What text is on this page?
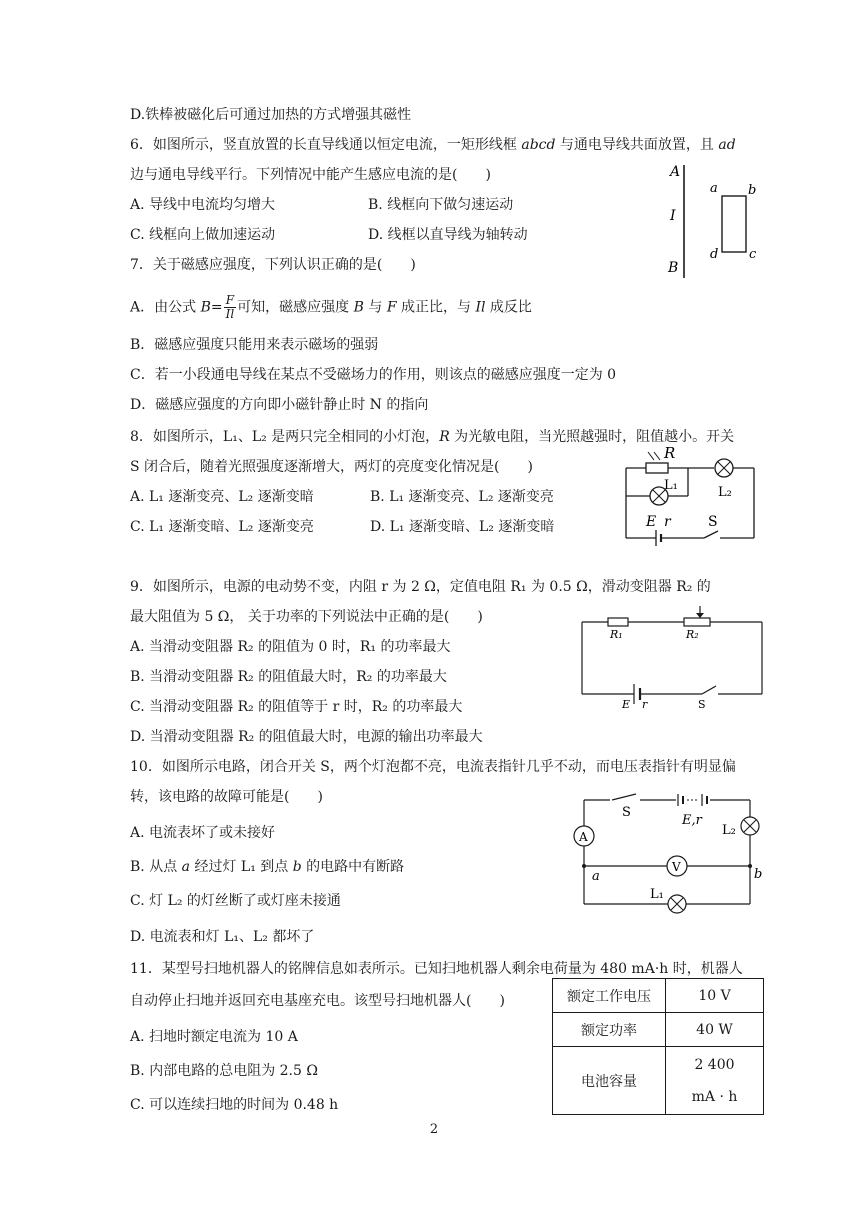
D.铁棒被磁化后可通过加热的方式增强其磁性
6．如图所示，竖直放置的长直导线通以恒定电流，一矩形线框 abcd 与通电导线共面放置，且 ad
边与通电导线平行。下列情况中能产生感应电流的是(　　)
A. 导线中电流均匀增大	B. 线框向下做匀速运动
C. 线框向上做加速运动	D. 线框以直导线为轴转动
A
I
B
a b
d c
7．关于磁感应强度，下列认识正确的是(　　)
A．由公式 $B= \frac{F}{Il}$ 可知，磁感应强度 B 与 F 成正比，与 Il 成反比
B．磁感应强度只能用来表示磁场的强弱
C．若一小段通电导线在某点不受磁场力的作用，则该点的磁感应强度一定为 0
D．磁感应强度的方向即小磁针静止时 N 的指向
8．如图所示，L₁、L₂ 是两只完全相同的小灯泡，R 为光敏电阻，当光照越强时，阻值越小。开关
S 闭合后，随着光照强度逐渐增大，两灯的亮度变化情况是(　　)
A. L₁ 逐渐变亮、L₂ 逐渐变暗	B. L₁ 逐渐变亮、L₂ 逐渐变亮
C. L₁ 逐渐变暗、L₂ 逐渐变亮	D. L₁ 逐渐变暗、L₂ 逐渐变暗
R
L₂
L₁
E r	S
9．如图所示，电源的电动势不变，内阻 r 为 2 Ω，定值电阻 R₁ 为 0.5 Ω，滑动变阻器 R₂ 的
最大阻值为 5 Ω， 关于功率的下列说法中正确的是(　　)
A. 当滑动变阻器 R₂ 的阻值为 0 时，R₁ 的功率最大
B. 当滑动变阻器 R₂ 的阻值最大时，R₂ 的功率最大
C. 当滑动变阻器 R₂ 的阻值等于 r 时，R₂ 的功率最大
D. 当滑动变阻器 R₂ 的阻值最大时，电源的输出功率最大
R₁	R₂
E r	S
10．如图所示电路，闭合开关 S，两个灯泡都不亮，电流表指针几乎不动，而电压表指针有明显偏
转，该电路的故障可能是(　　)
A. 电流表坏了或未接好
B. 从点 a 经过灯 L₁ 到点 b 的电路中有断路
C. 灯 L₂ 的灯丝断了或灯座未接通
D. 电流表和灯 L₁、L₂ 都坏了
S
E,r
A	L₂
V
a	b
L₁
11．某型号扫地机器人的铭牌信息如表所示。已知扫地机器人剩余电荷量为 480 mA·h 时，机器人
自动停止扫地并返回充电基座充电。该型号扫地机器人(　　)
A. 扫地时额定电流为 10 A
B. 内部电路的总电阻为 2.5 Ω
C. 可以连续扫地的时间为 0.48 h
额定工作电压	10 V
额定功率	40 W
电池容量	2 400
mA · h
2
